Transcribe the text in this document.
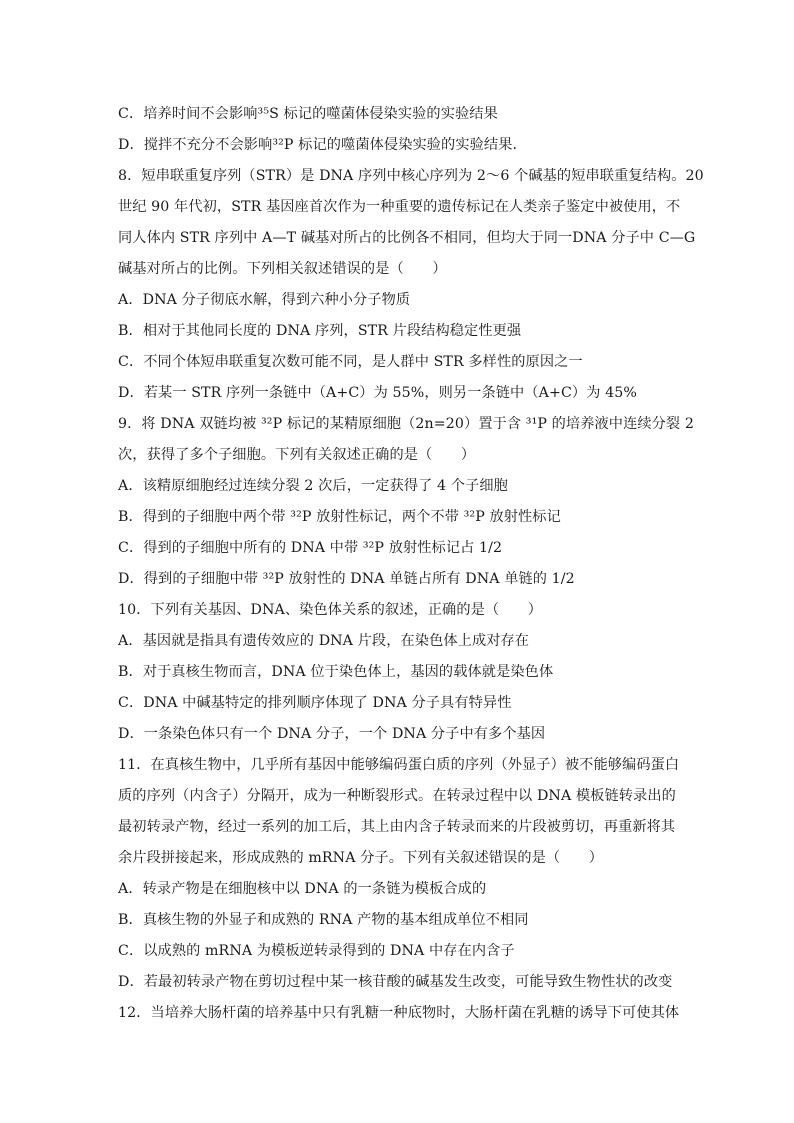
C．培养时间不会影响³⁵S 标记的噬菌体侵染实验的实验结果
D．搅拌不充分不会影响³²P 标记的噬菌体侵染实验的实验结果．
8．短串联重复序列（STR）是 DNA 序列中核心序列为 2～6 个碱基的短串联重复结构。20
世纪 90 年代初，STR 基因座首次作为一种重要的遗传标记在人类亲子鉴定中被使用，不
同人体内 STR 序列中 A—T 碱基对所占的比例各不相同，但均大于同一DNA 分子中 C—G
碱基对所占的比例。下列相关叙述错误的是（　　）
A．DNA 分子彻底水解，得到六种小分子物质
B．相对于其他同长度的 DNA 序列，STR 片段结构稳定性更强
C．不同个体短串联重复次数可能不同，是人群中 STR 多样性的原因之一
D．若某一 STR 序列一条链中（A+C）为 55%，则另一条链中（A+C）为 45%
9．将 DNA 双链均被 ³²P 标记的某精原细胞（2n=20）置于含 ³¹P 的培养液中连续分裂 2
次，获得了多个子细胞。下列有关叙述正确的是（　　）
A．该精原细胞经过连续分裂 2 次后，一定获得了 4 个子细胞
B．得到的子细胞中两个带 ³²P 放射性标记，两个不带 ³²P 放射性标记
C．得到的子细胞中所有的 DNA 中带 ³²P 放射性标记占 1/2
D．得到的子细胞中带 ³²P 放射性的 DNA 单链占所有 DNA 单链的 1/2
10．下列有关基因、DNA、染色体关系的叙述，正确的是（　　）
A．基因就是指具有遗传效应的 DNA 片段，在染色体上成对存在
B．对于真核生物而言，DNA 位于染色体上，基因的载体就是染色体
C．DNA 中碱基特定的排列顺序体现了 DNA 分子具有特异性
D．一条染色体只有一个 DNA 分子，一个 DNA 分子中有多个基因
11．在真核生物中，几乎所有基因中能够编码蛋白质的序列（外显子）被不能够编码蛋白
质的序列（内含子）分隔开，成为一种断裂形式。在转录过程中以 DNA 模板链转录出的
最初转录产物，经过一系列的加工后，其上由内含子转录而来的片段被剪切，再重新将其
余片段拼接起来，形成成熟的 mRNA 分子。下列有关叙述错误的是（　　）
A．转录产物是在细胞核中以 DNA 的一条链为模板合成的
B．真核生物的外显子和成熟的 RNA 产物的基本组成单位不相同
C．以成熟的 mRNA 为模板逆转录得到的 DNA 中存在内含子
D．若最初转录产物在剪切过程中某一核苷酸的碱基发生改变，可能导致生物性状的改变
12．当培养大肠杆菌的培养基中只有乳糖一种底物时，大肠杆菌在乳糖的诱导下可使其体
